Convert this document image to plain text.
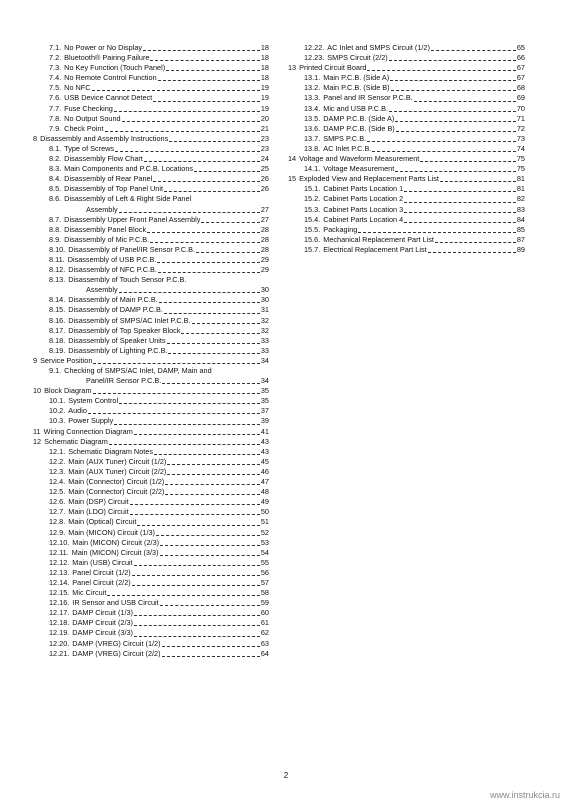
7.1. No Power or No Display	18
7.2. Bluetooth® Pairing Failure	18
7.3. No Key Function (Touch Panel)	18
7.4. No Remote Control Function	18
7.5. No NFC	19
7.6. USB Device Cannot Detect	19
7.7. Fuse Checking	19
7.8. No Output Sound	20
7.9. Check Point	21
8 Disassembly and Assembly Instructions	23
8.1. Type of Screws	23
8.2. Disassembly Flow Chart	24
8.3. Main Components and P.C.B. Locations	25
8.4. Disassembly of Rear Panel	26
8.5. Disassembly of Top Panel Unit	26
8.6. Disassembly of Left & Right Side Panel
Assembly	27
8.7. Disassembly Upper Front Panel Assembly	27
8.8. Disassembly Panel Block	28
8.9. Disassembly of Mic P.C.B.	28
8.10. Disassembly of Panel/IR Sensor P.C.B.	28
8.11. Disassembly of USB P.C.B.	29
8.12. Disassembly of NFC P.C.B.	29
8.13. Disassembly of Touch Sensor P.C.B.
Assembly	30
8.14. Disassembly of Main P.C.B.	30
8.15. Disassembly of DAMP P.C.B.	31
8.16. Disassembly of SMPS/AC Inlet P.C.B.	32
8.17. Disassembly of Top Speaker Block	32
8.18. Disassembly of Speaker Units	33
8.19. Disassembly of Lighting P.C.B.	33
9 Service Position	34
9.1. Checking of SMPS/AC Inlet, DAMP, Main and
Panel/IR Sensor P.C.B.	34
10 Block Diagram	35
10.1. System Control	35
10.2. Audio	37
10.3. Power Supply	39
11 Wiring Connection Diagram	41
12 Schematic Diagram	43
12.1. Schematic Diagram Notes	43
12.2. Main (AUX Tuner) Circuit (1/2)	45
12.3. Main (AUX Tuner) Circuit (2/2)	46
12.4. Main (Connector) Circuit (1/2)	47
12.5. Main (Connector) Circuit (2/2)	48
12.6. Main (DSP) Circuit	49
12.7. Main (LDO) Circuit	50
12.8. Main (Optical) Circuit	51
12.9. Main (MICON) Circuit (1/3)	52
12.10. Main (MICON) Circuit (2/3)	53
12.11. Main (MICON) Circuit (3/3)	54
12.12. Main (USB) Circuit	55
12.13. Panel Circuit (1/2)	56
12.14. Panel Circuit (2/2)	57
12.15. Mic Circuit	58
12.16. IR Sensor and USB Circuit	59
12.17. DAMP Circuit (1/3)	60
12.18. DAMP Circuit (2/3)	61
12.19. DAMP Circuit (3/3)	62
12.20. DAMP (VREG) Circuit (1/2)	63
12.21. DAMP (VREG) Circuit (2/2)	64
12.22. AC Inlet and SMPS Circuit (1/2)	65
12.23. SMPS Circuit (2/2)	66
13 Printed Circuit Board	67
13.1. Main P.C.B. (Side A)	67
13.2. Main P.C.B. (Side B)	68
13.3. Panel and IR Sensor P.C.B.	69
13.4. Mic and USB P.C.B.	70
13.5. DAMP P.C.B. (Side A)	71
13.6. DAMP P.C.B. (Side B)	72
13.7. SMPS P.C.B.	73
13.8. AC Inlet P.C.B.	74
14 Voltage and Waveform Measurement	75
14.1. Voltage Measurement	75
15 Exploded View and Replacement Parts List	81
15.1. Cabinet Parts Location 1	81
15.2. Cabinet Parts Location 2	82
15.3. Cabinet Parts Location 3	83
15.4. Cabinet Parts Location 4	84
15.5. Packaging	85
15.6. Mechanical Replacement Part List	87
15.7. Electrical Replacement Part List	89
2
www.instrukcia.ru
